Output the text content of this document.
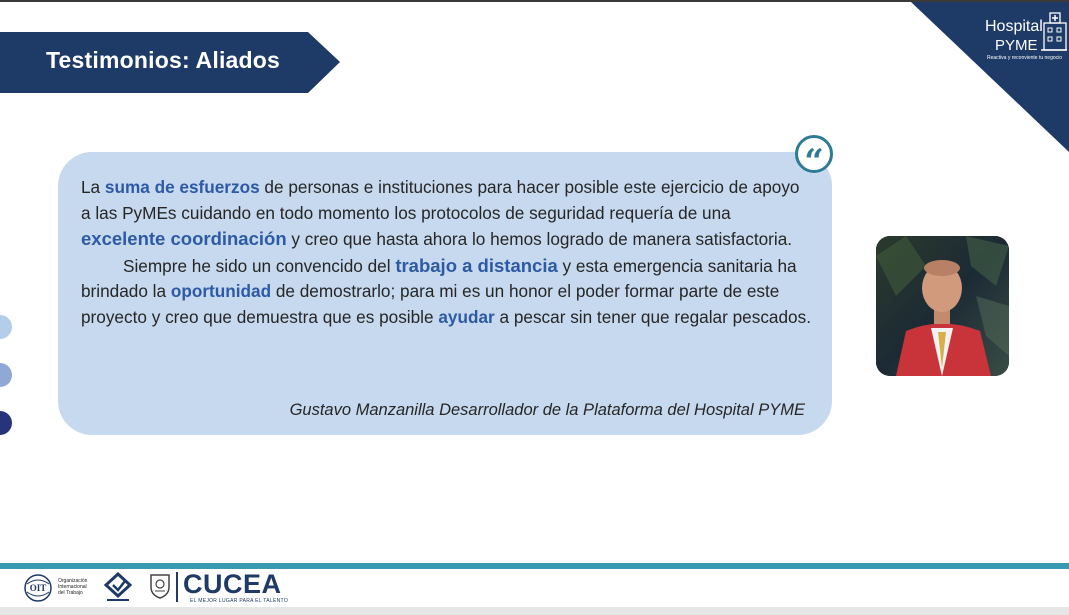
Testimonios: Aliados
Hospital
PYME
Reactiva y reconviente tu negocio
“

La suma de esfuerzos de personas e instituciones para hacer posible este ejercicio de apoyo a las PyMEs cuidando en todo momento los protocolos de seguridad requería de una excelente coordinación y creo que hasta ahora lo hemos logrado de manera satisfactoria.

Siempre he sido un convencido del trabajo a distancia y esta emergencia sanitaria ha brindado la oportunidad de demostrarlo; para mi es un honor el poder formar parte de este proyecto y creo que demuestra que es posible ayudar a pescar sin tener que regalar pescados.

Gustavo Manzanilla Desarrollador de la Plataforma del Hospital PYME
OIT
Organización Internacional del Trabajo	CUCEA
EL MEJOR LUGAR PARA EL TALENTO
